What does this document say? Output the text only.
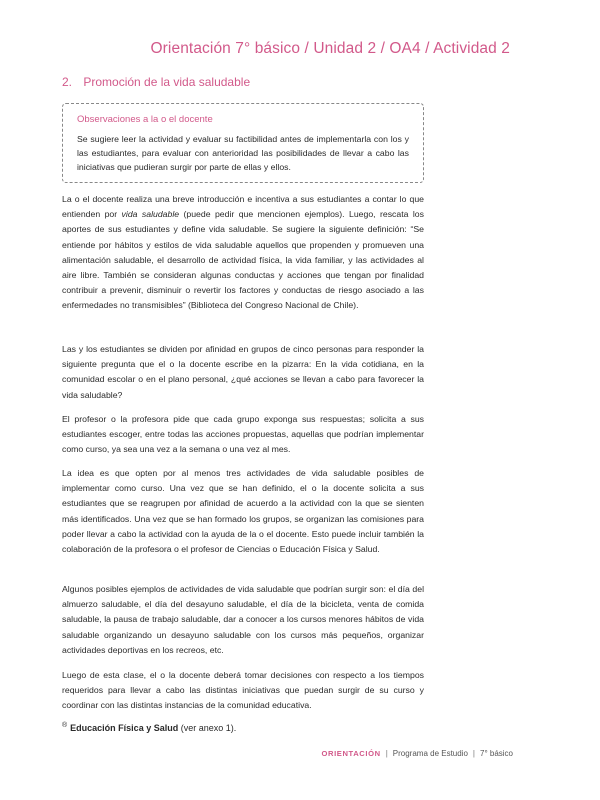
Orientación 7° básico / Unidad 2 / OA4 / Actividad 2
2. Promoción de la vida saludable
Observaciones a la o el docente
Se sugiere leer la actividad y evaluar su factibilidad antes de implementarla con los y las estudiantes, para evaluar con anterioridad las posibilidades de llevar a cabo las iniciativas que pudieran surgir por parte de ellas y ellos.

La o el docente realiza una breve introducción e incentiva a sus estudiantes a contar lo que entienden por vida saludable (puede pedir que mencionen ejemplos). Luego, rescata los aportes de sus estudiantes y define vida saludable. Se sugiere la siguiente definición: “Se entiende por hábitos y estilos de vida saludable aquellos que propenden y promueven una alimentación saludable, el desarrollo de actividad física, la vida familiar, y las actividades al aire libre. También se consideran algunas conductas y acciones que tengan por finalidad contribuir a prevenir, disminuir o revertir los factores y conductas de riesgo asociado a las enfermedades no transmisibles” (Biblioteca del Congreso Nacional de Chile).

Las y los estudiantes se dividen por afinidad en grupos de cinco personas para responder la siguiente pregunta que el o la docente escribe en la pizarra: En la vida cotidiana, en la comunidad escolar o en el plano personal, ¿qué acciones se llevan a cabo para favorecer la vida saludable?

El profesor o la profesora pide que cada grupo exponga sus respuestas; solicita a sus estudiantes escoger, entre todas las acciones propuestas, aquellas que podrían implementar como curso, ya sea una vez a la semana o una vez al mes.

La idea es que opten por al menos tres actividades de vida saludable posibles de implementar como curso. Una vez que se han definido, el o la docente solicita a sus estudiantes que se reagrupen por afinidad de acuerdo a la actividad con la que se sienten más identificados. Una vez que se han formado los grupos, se organizan las comisiones para poder llevar a cabo la actividad con la ayuda de la o el docente. Esto puede incluir también la colaboración de la profesora o el profesor de Ciencias o Educación Física y Salud.

Algunos posibles ejemplos de actividades de vida saludable que podrían surgir son: el día del almuerzo saludable, el día del desayuno saludable, el día de la bicicleta, venta de comida saludable, la pausa de trabajo saludable, dar a conocer a los cursos menores hábitos de vida saludable organizando un desayuno saludable con los cursos más pequeños, organizar actividades deportivas en los recreos, etc.

Luego de esta clase, el o la docente deberá tomar decisiones con respecto a los tiempos requeridos para llevar a cabo las distintas iniciativas que puedan surgir de su curso y coordinar con las distintas instancias de la comunidad educativa.

® Educación Física y Salud (ver anexo 1).
ORIENTACIÓN | Programa de Estudio | 7° básico
